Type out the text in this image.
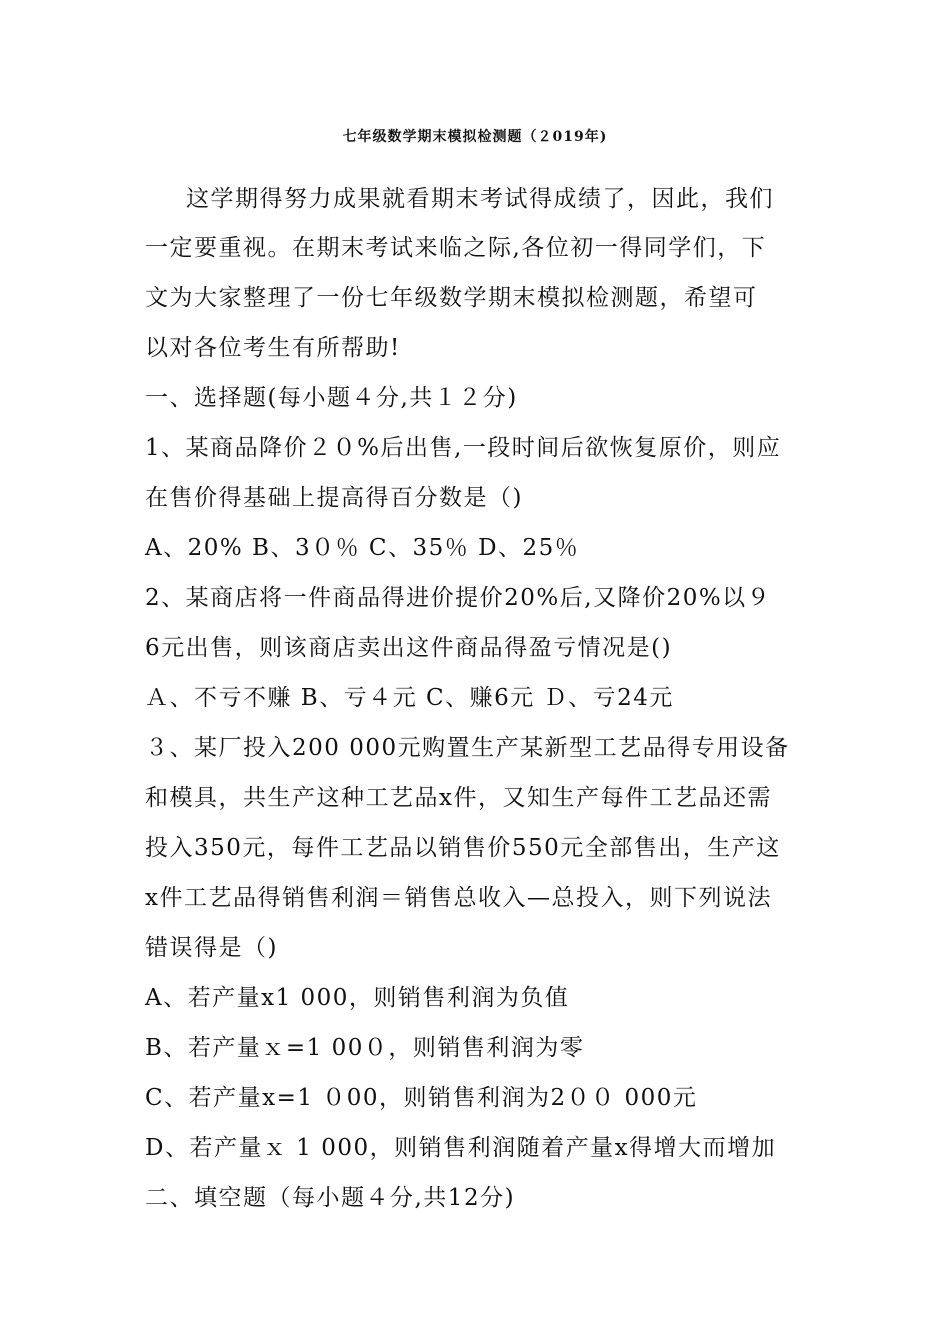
七年级数学期末模拟检测题（２019年)
这学期得努力成果就看期末考试得成绩了，因此，我们
一定要重视。在期末考试来临之际,各位初一得同学们，下
文为大家整理了一份七年级数学期末模拟检测题，希望可
以对各位考生有所帮助!
一、选择题(每小题４分,共１２分)
1、某商品降价２０%后出售,一段时间后欲恢复原价，则应
在售价得基础上提高得百分数是（)
A、20% B、3０％ C、35％ D、25％
2、某商店将一件商品得进价提价20%后,又降价20%以９
6元出售，则该商店卖出这件商品得盈亏情况是()
Ａ、不亏不赚 B、亏４元 C、赚6元 Ｄ、亏24元
３、某厂投入200 000元购置生产某新型工艺品得专用设备
和模具，共生产这种工艺品x件，又知生产每件工艺品还需
投入350元，每件工艺品以销售价550元全部售出，生产这
x件工艺品得销售利润＝销售总收入—总投入，则下列说法
错误得是（)
A、若产量x1 000，则销售利润为负值
B、若产量ｘ=1 00０，则销售利润为零
C、若产量x=1 ０00，则销售利润为2００ 000元
D、若产量ｘ 1 000，则销售利润随着产量x得增大而增加
二、填空题（每小题４分,共12分)
